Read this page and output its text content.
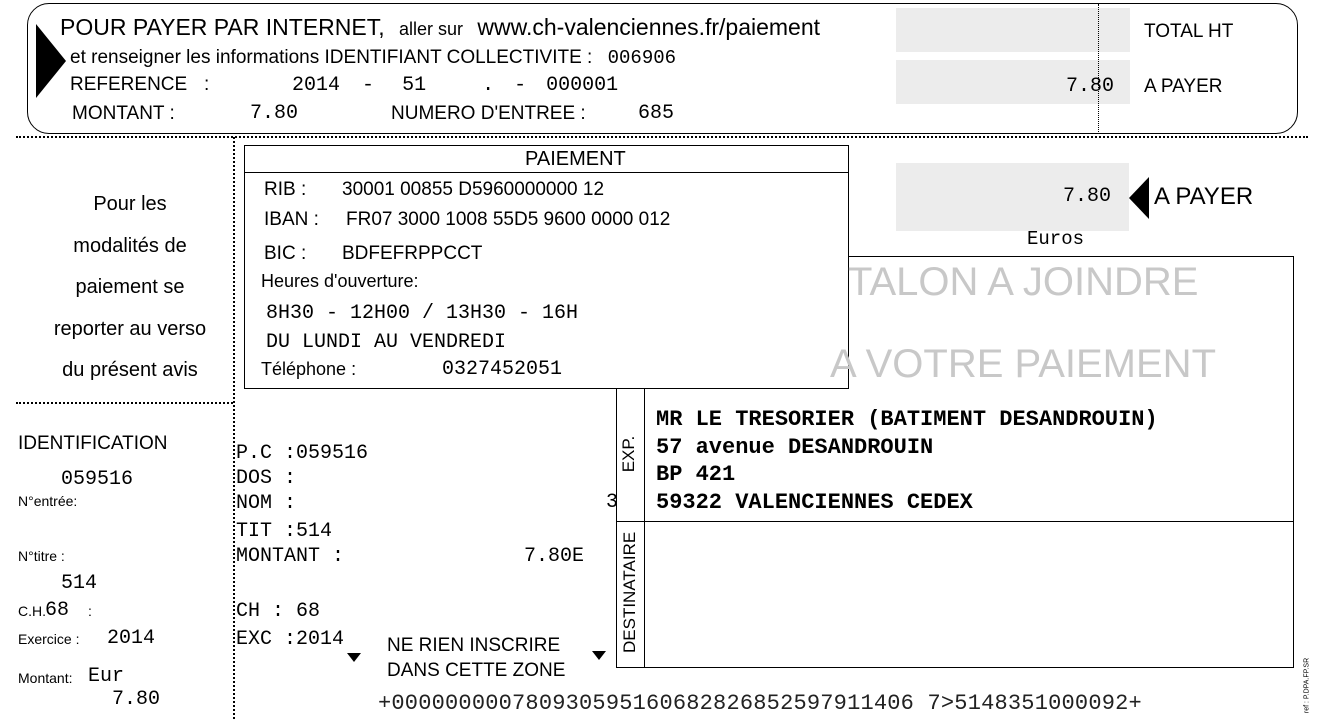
POUR PAYER PAR INTERNET, aller sur www.ch-valenciennes.fr/paiement
et renseigner les informations IDENTIFIANT COLLECTIVITE : 006906
REFERENCE :	2014 - 51	. - 000001
MONTANT :	7.80	NUMERO D'ENTREE :	685
TOTAL HT
7.80 A PAYER
Pour les
modalités de
paiement se
reporter au verso
du présent avis
PAIEMENT
RIB : 30001 00855 D5960000000 12
IBAN : FR07 3000 1008 55D5 9600 0000 012
BIC : BDFEFRPPCCT
Heures d'ouverture:
8H30 - 12H00 / 13H30 - 16H
DU LUNDI AU VENDREDI
Téléphone :	0327452051
7.80 A PAYER
Euros
TALON A JOINDRE
A VOTRE PAIEMENT
EXP.
DESTINATAIRE
MR LE TRESORIER (BATIMENT DESANDROUIN)
57 avenue DESANDROUIN
BP 421
59322 VALENCIENNES CEDEX
IDENTIFICATION
059516
N°entrée:
N°titre :
514
C.H. 68 :
Exercice : 2014
Montant: Eur
7.80
P.C :059516
DOS :
NOM :	3
TIT :514
MONTANT :	7.80E
CH : 68
EXC :2014 NE RIEN INSCRIRE
DANS CETTE ZONE
+000000000780930595160682826852597911406 7>5148351000092+	ref : P.DPA.FP.SR
